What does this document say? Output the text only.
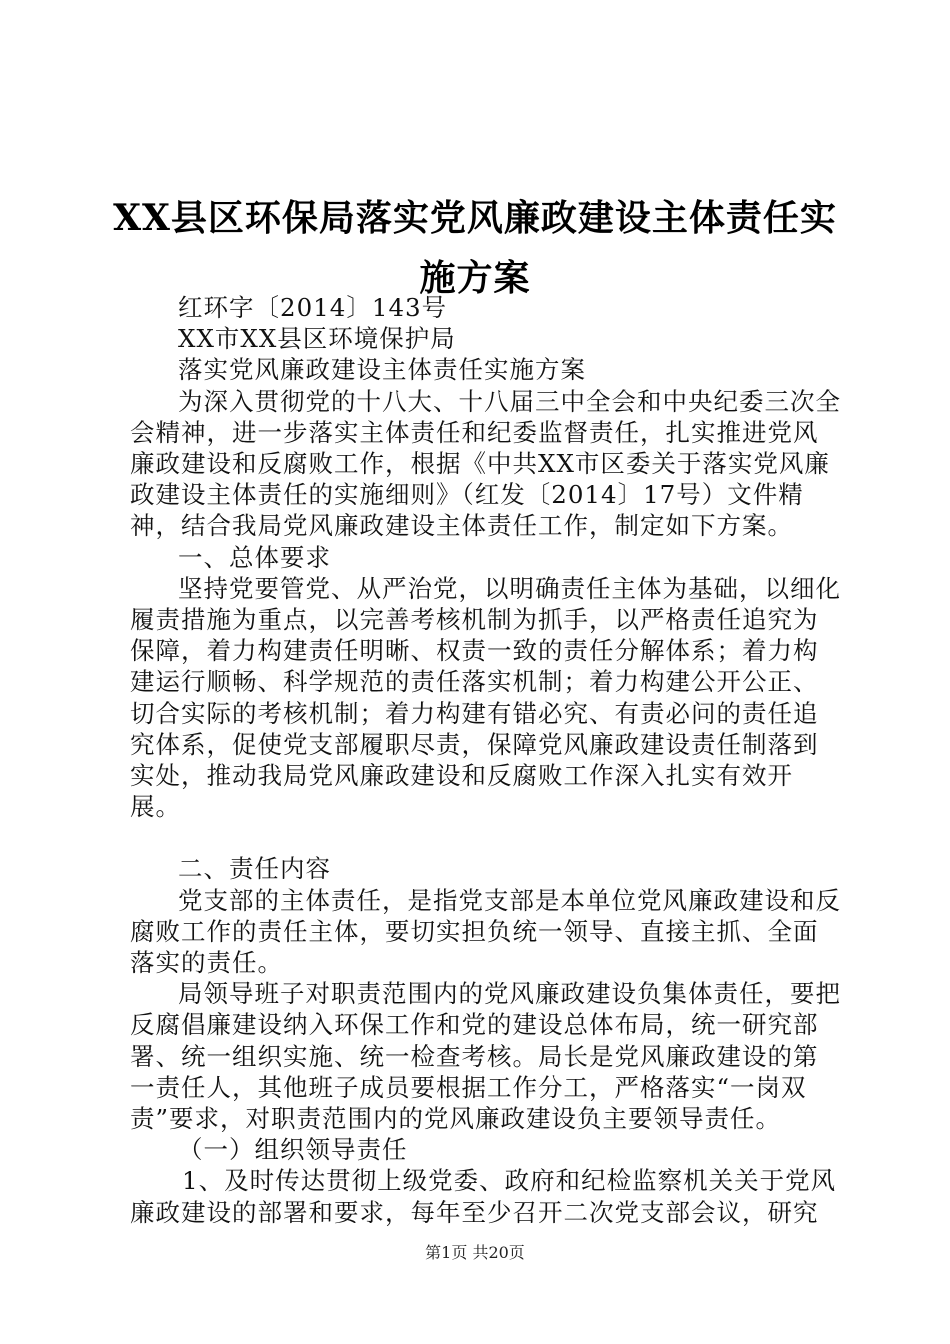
XX县区环保局落实党风廉政建设主体责任实
施方案

红环字〔2014〕143号

XX市XX县区环境保护局

落实党风廉政建设主体责任实施方案

为深入贯彻党的十八大、十八届三中全会和中央纪委三次全会精神，进一步落实主体责任和纪委监督责任，扎实推进党风廉政建设和反腐败工作，根据《中共XX市区委关于落实党风廉政建设主体责任的实施细则》（红发〔2014〕17号）文件精神，结合我局党风廉政建设主体责任工作，制定如下方案。

一、总体要求

坚持党要管党、从严治党，以明确责任主体为基础，以细化履责措施为重点，以完善考核机制为抓手，以严格责任追究为保障，着力构建责任明晰、权责一致的责任分解体系；着力构建运行顺畅、科学规范的责任落实机制；着力构建公开公正、切合实际的考核机制；着力构建有错必究、有责必问的责任追究体系，促使党支部履职尽责，保障党风廉政建设责任制落到实处，推动我局党风廉政建设和反腐败工作深入扎实有效开展。

二、责任内容

党支部的主体责任，是指党支部是本单位党风廉政建设和反腐败工作的责任主体，要切实担负统一领导、直接主抓、全面落实的责任。

局领导班子对职责范围内的党风廉政建设负集体责任，要把反腐倡廉建设纳入环保工作和党的建设总体布局，统一研究部署、统一组织实施、统一检查考核。局长是党风廉政建设的第一责任人，其他班子成员要根据工作分工，严格落实“一岗双责”要求，对职责范围内的党风廉政建设负主要领导责任。

（一）组织领导责任

1、及时传达贯彻上级党委、政府和纪检监察机关关于党风廉政建设的部署和要求，每年至少召开二次党支部会议，研究

第1页 共20页
